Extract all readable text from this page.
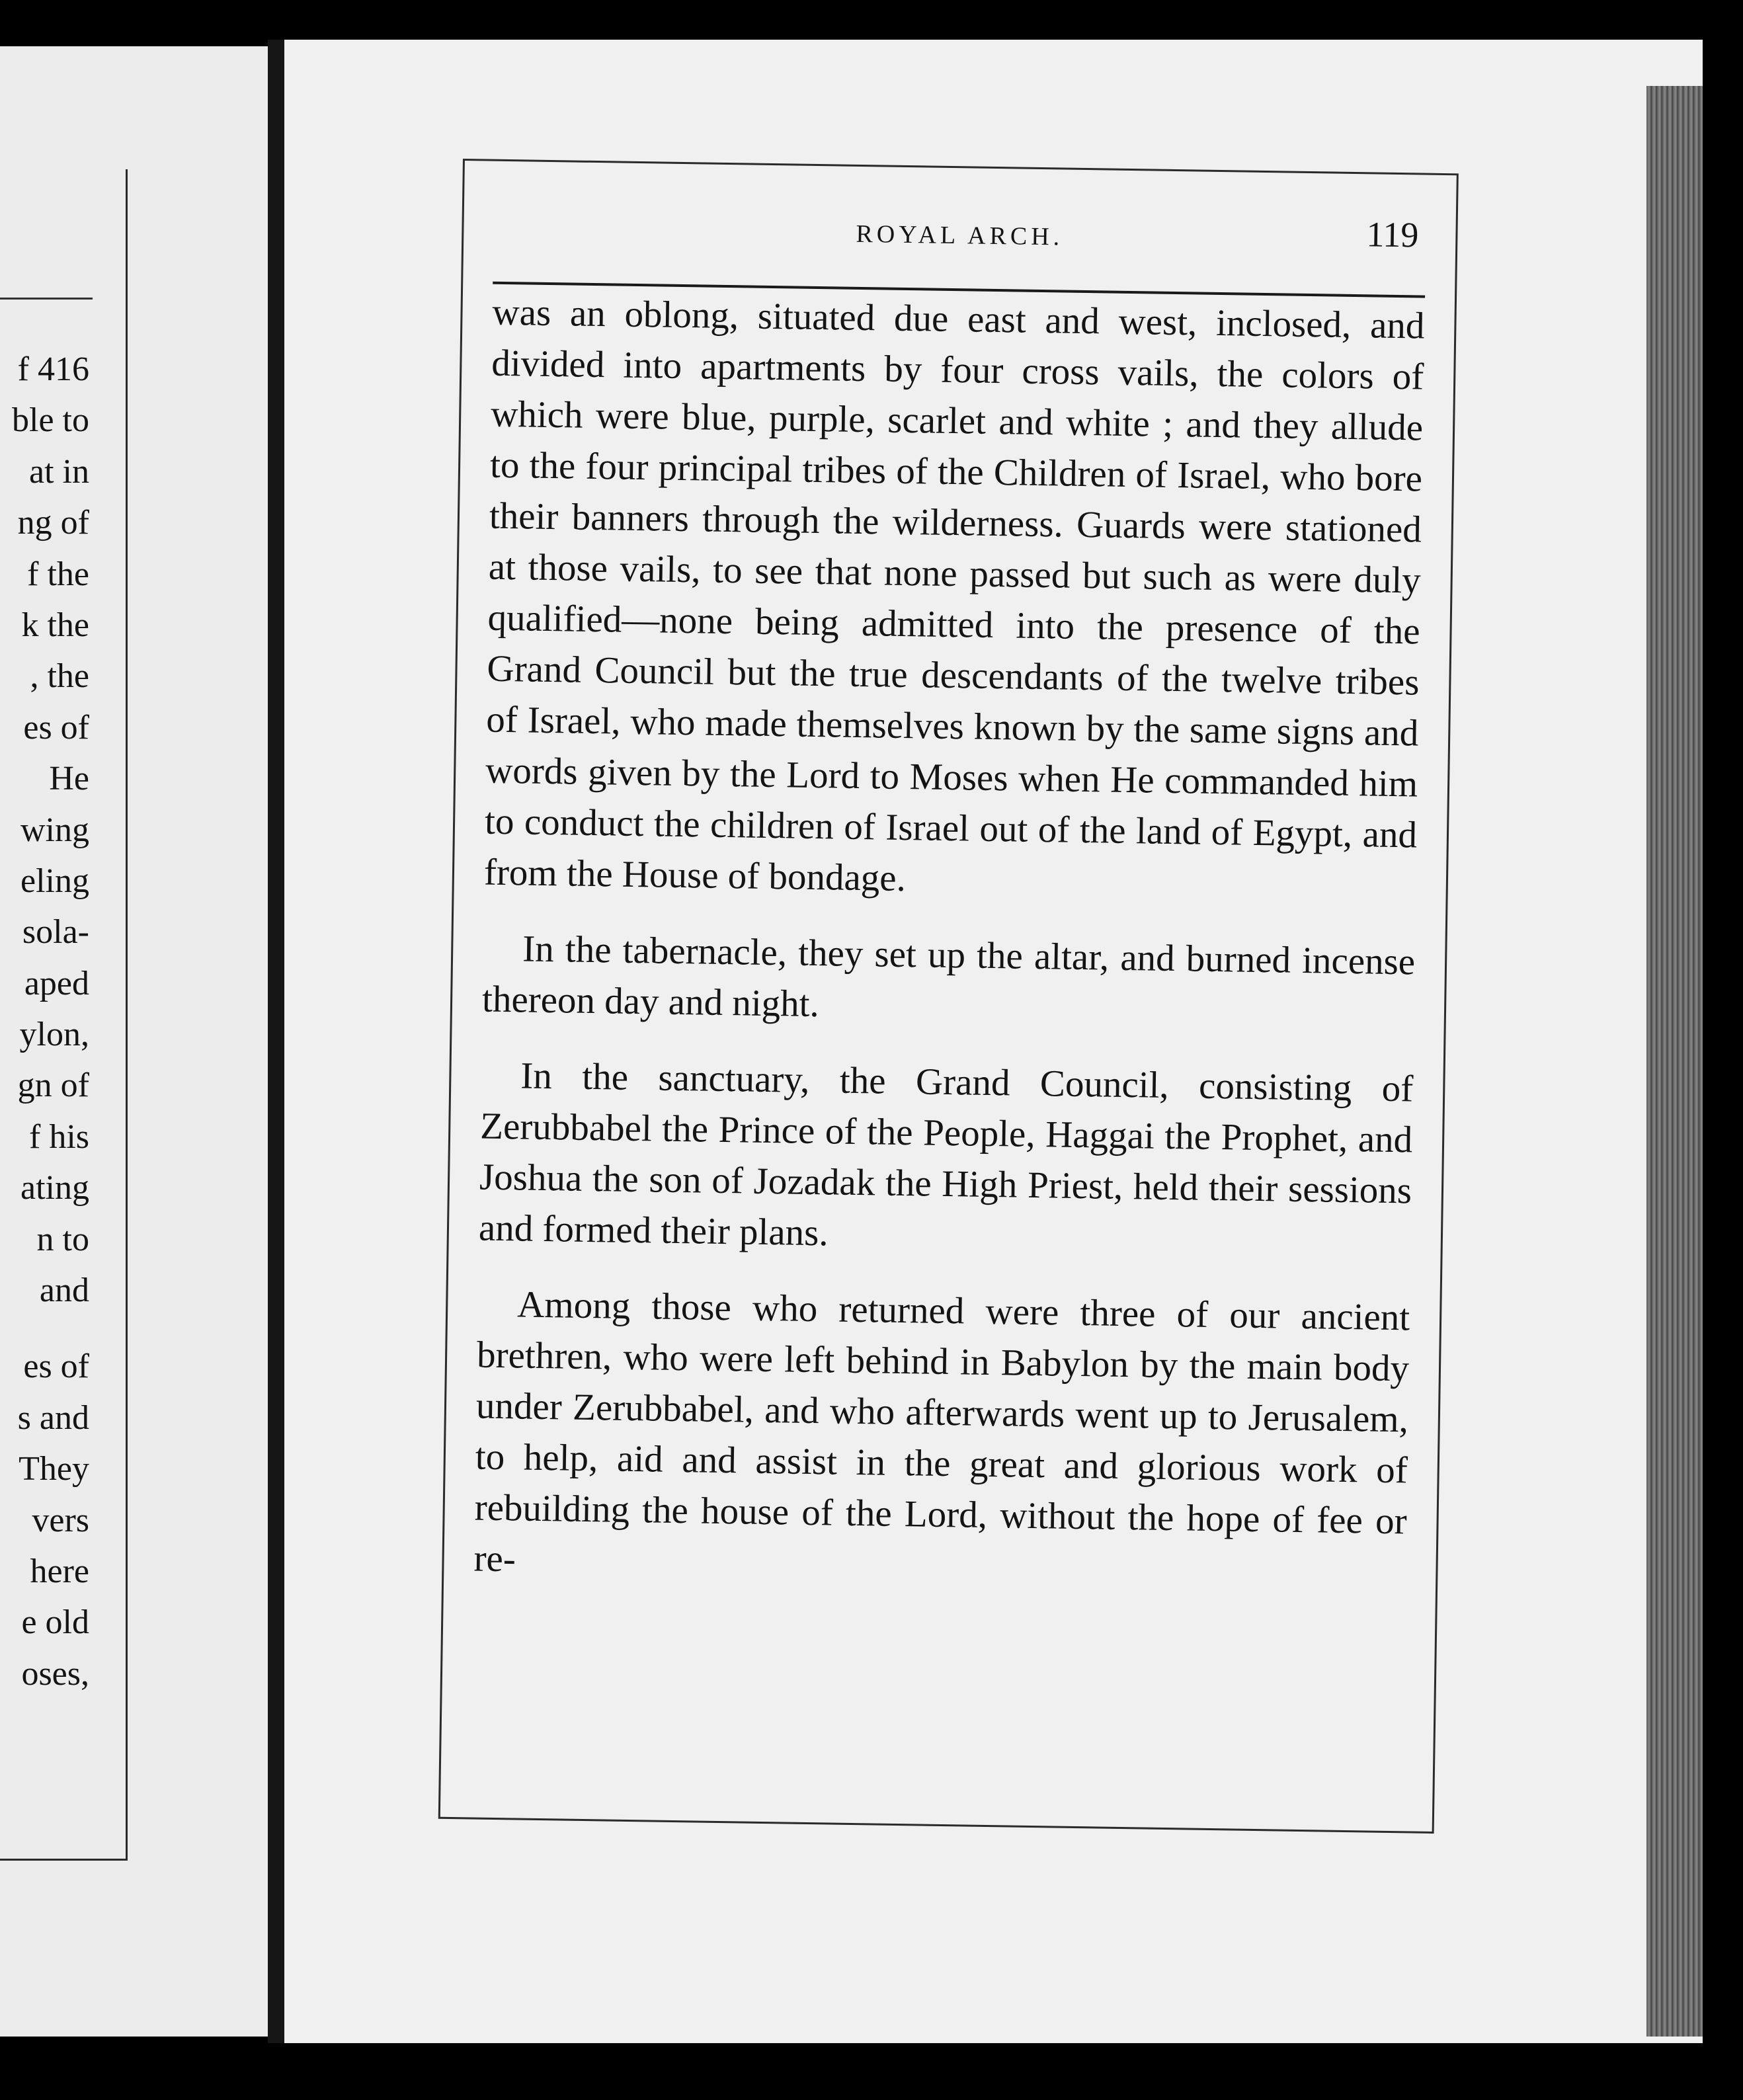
f 416
ble to
at in
ng of
f the
k the
, the
es of
He
wing
eling
sola-
aped
ylon,
gn of
f his
ating
n to
and
es of
s and
They
vers
here
e old
oses,
ROYAL ARCH.	119

was an oblong, situated due east and west, inclosed, and divided into apartments by four cross vails, the colors of which were blue, purple, scarlet and white ; and they allude to the four principal tribes of the Children of Israel, who bore their banners through the wilderness. Guards were stationed at those vails, to see that none passed but such as were duly qualified—none being admitted into the presence of the Grand Council but the true descendants of the twelve tribes of Israel, who made themselves known by the same signs and words given by the Lord to Moses when He commanded him to conduct the children of Israel out of the land of Egypt, and from the House of bondage.

In the tabernacle, they set up the altar, and burned incense thereon day and night.

In the sanctuary, the Grand Council, consisting of Zerubbabel the Prince of the People, Haggai the Prophet, and Joshua the son of Jozadak the High Priest, held their sessions and formed their plans.

Among those who returned were three of our ancient brethren, who were left behind in Babylon by the main body under Zerubbabel, and who afterwards went up to Jerusalem, to help, aid and assist in the great and glorious work of rebuilding the house of the Lord, without the hope of fee or re-
